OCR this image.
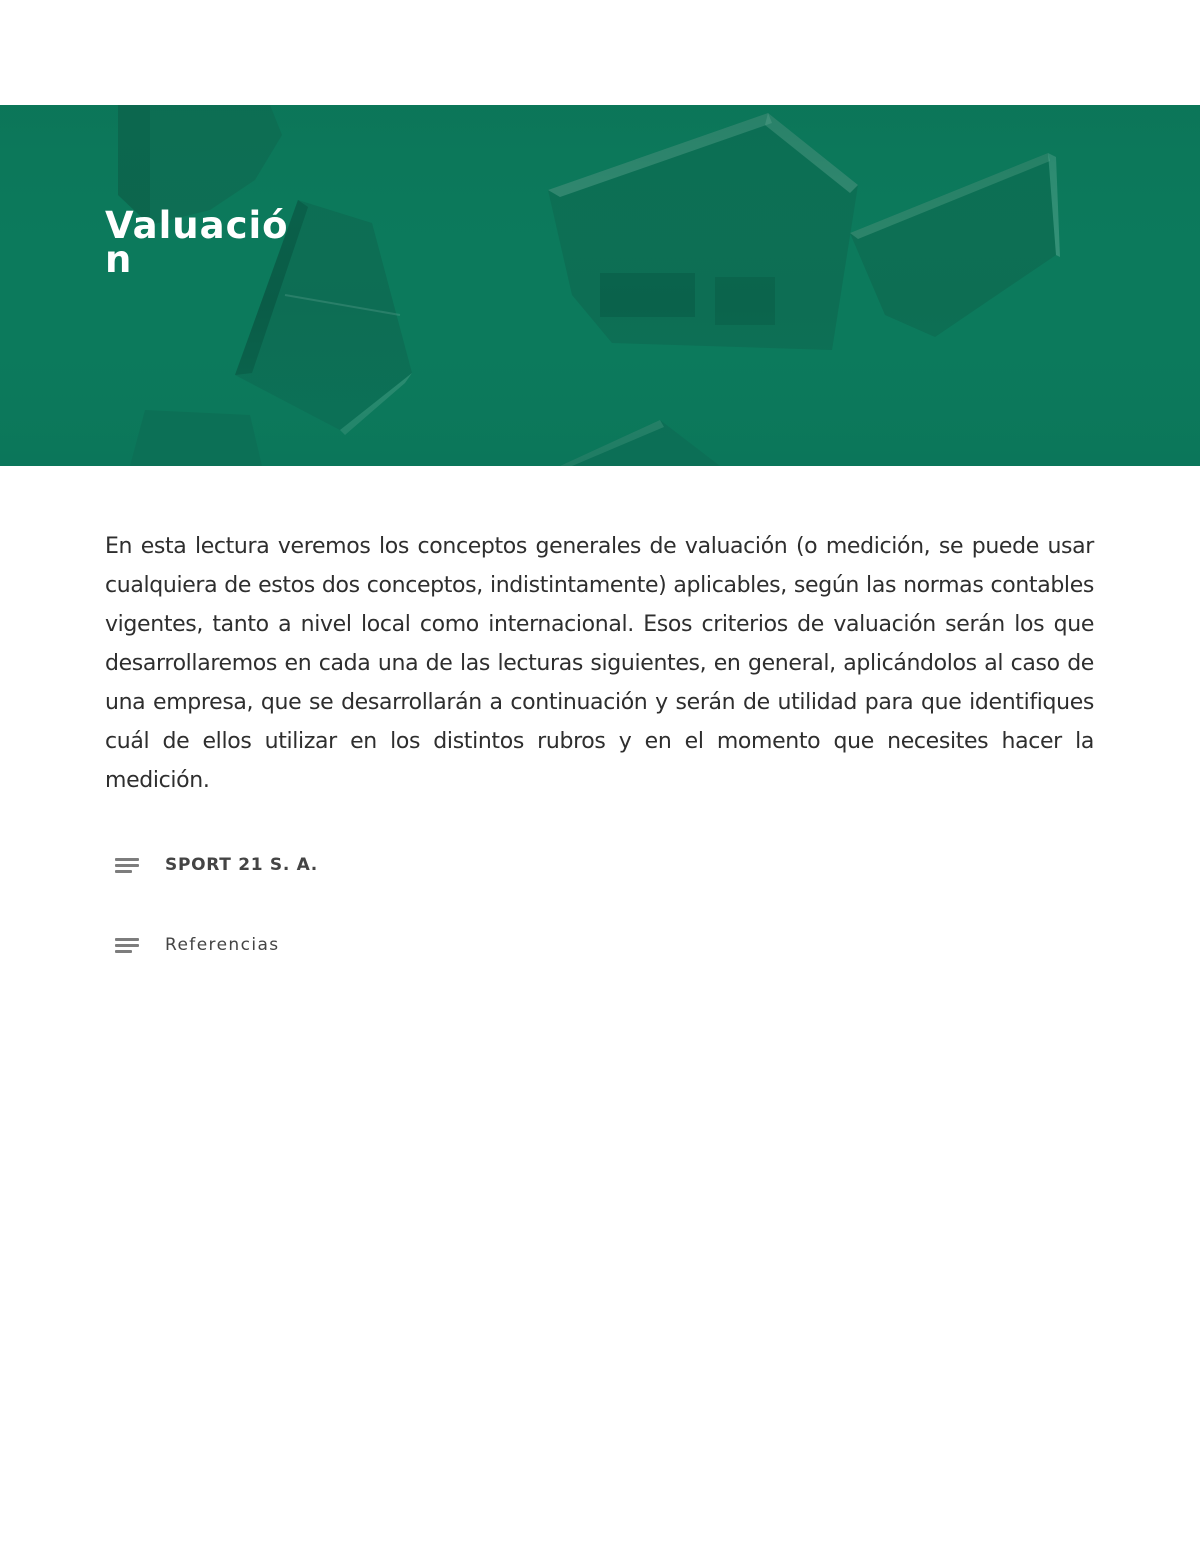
Valuación

En esta lectura veremos los conceptos generales de valuación (o medición, se puede usar cualquiera de estos dos conceptos, indistintamente) aplicables, según las normas contables vigentes, tanto a nivel local como internacional. Esos criterios de valuación serán los que desarrollaremos en cada una de las lecturas siguientes, en general, aplicándolos al caso de una empresa, que se desarrollarán a continuación y serán de utilidad para que identifiques cuál de ellos utilizar en los distintos rubros y en el momento que necesites hacer la medición.

SPORT 21 S. A.
Referencias
